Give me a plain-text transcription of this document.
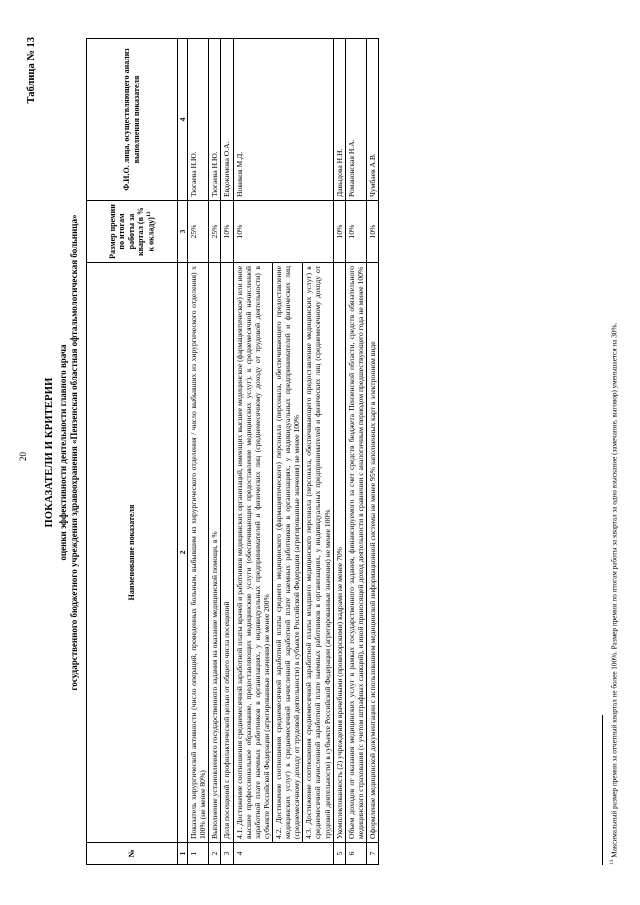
20
Таблица № 13
ПОКАЗАТЕЛИ И КРИТЕРИИ оценки эффективности деятельности главного врача государственного бюджетного учреждения здравоохранения «Пензенская областная офтальмологическая больница»
№	Наименование показателя	Размер премии по итогам работы за квартал (в % к окладу)$^{13}$	Ф.И.О. лица, осуществляющего анализ выполнения показателя
1	2	3	4
1	Показатель хирургической активности (число операций, проведенных больным, выбывшим из хирургического отделения / число выбывших из хирургического отделения) x 100% (не менее 80%)	25%	Тюгаева Н.Ю.
2	Выполнение установленного государственного задания на оказание медицинской помощи, в %	25%	Тюгаева Н.Ю.
3	Доля посещений с профилактической целью от общего числа посещений	10%	Евдокимова О.А.
4	4.1. Достижение соотношения среднемесячной заработной платы врачей и работников медицинских организаций, имеющих высшее медицинское (фармацевтическое) или иное высшее профессиональное образование, предоставляющих медицинские услуги (обеспечивающих предоставление медицинских услуг), к среднемесячной начисленной заработной плате наемных работников в организациях, у индивидуальных предпринимателей и физических лиц (среднемесячному доходу от трудовой деятельности) в субъекте Российской Федерации (агрегированные значения) не менее 200%	10%	Новиков М.Д.
	4.2. Достижение соотношения среднемесячной заработной платы среднего медицинского (фармацевтического) персонала (персонала, обеспечивающего предоставление медицинских услуг) к среднемесячной начисленной заработной плате наемных работников в организациях, у индивидуальных предпринимателей и физических лиц (среднемесячному доходу от трудовой деятельности) в субъекте Российской Федерации (агрегированные значения) не менее 100%		
	4.3. Достижение соотношения среднемесячной заработной платы младшего медицинского персонала (персонала, обеспечивающего предоставление медицинских услуг) к среднемесячной начисленной заработной плате наемных работников в организациях, у индивидуальных предпринимателей и физических лиц (среднемесячному доходу от трудовой деятельности) в субъекте Российской Федерации (агрегированные значения) не менее 100%		
5	Укомплектованность (2) учреждения врачебными (провизорскими) кадрами не менее 70%	10%	Давыдова Н.Н.
6	Объем доходов от оказания медицинских услуг в рамках государственного задания, финансируемого за счет средств бюджета Пензенской области, средств обязательного медицинского страхования (с учетом штрафных санкций), и иной приносящей доход деятельности в сравнении с аналогичным периодом предшествующего года не менее 100%	10%	Романовская Н.А.
7	Оформление медицинской документации с использованием медицинской информационной системы не менее 95% заполненных карт в электронном виде	10%	Чумбаев А.В.
$^{13}$ Максимальный размер премии за отчетный квартал не более 100%. Размер премии по итогам работы за квартал за одно взыскание (замечание, выговор) уменьшается на 30%.
